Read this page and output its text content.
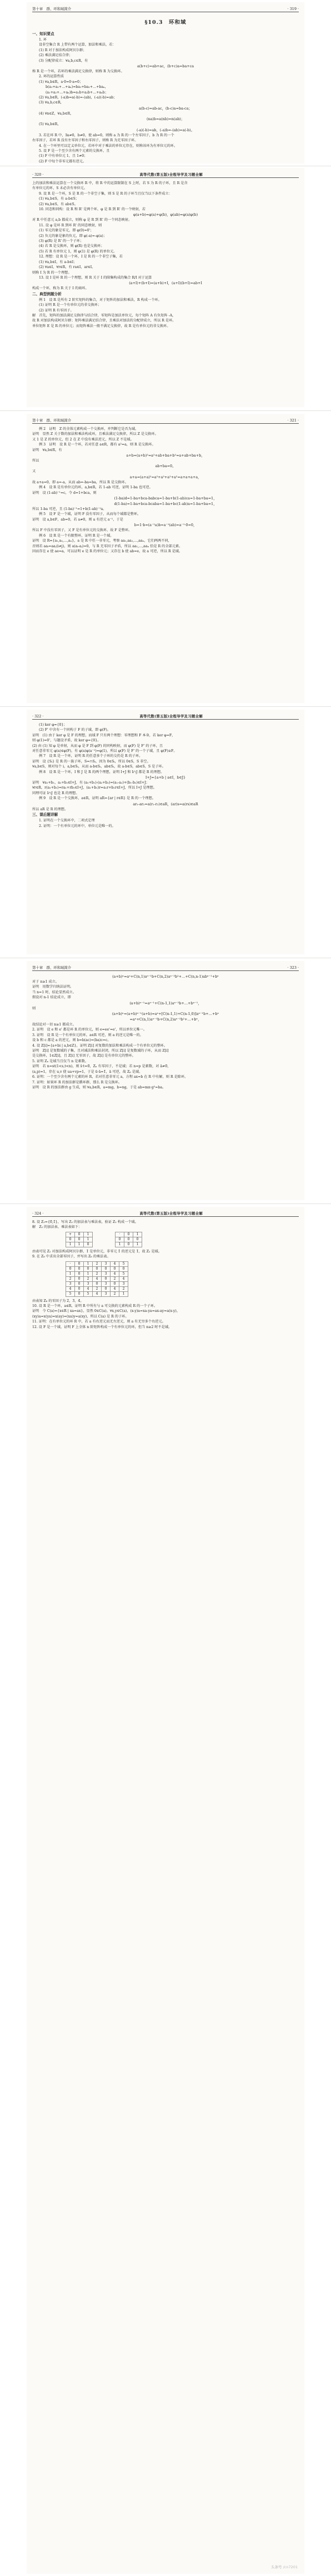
第十章　群、环和域简介	· 319 ·
§10.3　环和域
一、知识要点
1. 环
设非空集合 R 上带有两个运算，加法和乘法，若：
(1) R 对于加法构成阿贝尔群；
(2) 乘法满足结合律；
(3) 分配律成立：∀a,b,c∈R，有
a(b+c)=ab+ac，(b+c)a=ba+ca
称 R 是一个环，若环的乘法满足交换律，则称 R 为交换环。
2. 环的运算性质
(1) ∀a,b∈R，a·0=0·a=0；
b(a₁+a₂+…+aₙ)=ba₁+ba₂+…+baₙ，
(a₁+a₂+…+aₙ)b=a₁b+a₂b+…+aₙb；
(2) ∀a,b∈R，(-a)b=a(-b)=-(ab)，(-a)(-b)=ab；
(3) ∀a,b,c∈R，
a(b-c)=ab-ac，(b-c)a=ba-ca；
(4) ∀n∈Z，∀a,b∈R，
(na)b=a(nb)=n(ab)；
(5) ∀a,b∈R，
(-a)(-b)=ab，(-a)b=-(ab)=a(-b)。
3. 若在环 R 中，∃a≠0，b≠0，使 ab=0，则称 a 为 R 的一个左零因子，b 为 R 的一个
右零因子，若环 R 没有左零因子和右零因子，则称 R 为无零因子环。
4. 在一个环里可以定义单位元，若环中对于乘法的单位元存在，则称该环为有单位元的环。
5. 设 F 是一个至少含有两个元素的交换环，且
(1) F 中有单位元 1，且 1≠0；
(2) F 中每个非零元都有逆元。
· 320 ·	高等代数(第五版)全程导学及习题全解
上的加法和乘法运算在一个交换环 R 中，将 R 中的运算限制在 S 上时，若 S 为 R 的子环，且 R 是含
有单位元的环，S 未必含有单位元。
9. 设 R 是一个环，S 是 R 的一个非空子集，则 S 是 R 的子环当且仅当以下条件成立：
(1) ∀a,b∈S，有 a-b∈S；
(2) ∀a,b∈S，有 ab∈S。
10. 同态和同构：设 R 和 R' 是两个环，φ 是 R 到 R' 的一个映射，若
φ(a+b)=φ(a)+φ(b)，φ(ab)=φ(a)φ(b)
对 R 中任意元 a,b 都成立，则称 φ 是 R 到 R' 的一个同态映射。
11. 设 φ 是环 R 到环 R' 的同态映射，则
(1) 零元的象是零元，即 φ(0)=0'；
(2) 负元的象是象的负元，即 φ(-a)=-φ(a)；
(3) φ(R) 是 R' 的一个子环；
(4) 若 R 是交换环，则 φ(R) 也是交换环；
(5) 若 R 有单位元 1，则 φ(1) 是 φ(R) 的单位元。
12. 理想：设 R 是一个环，I 是 R 的一个非空子集，若
(1) ∀a,b∈I，有 a-b∈I；
(2) ∀a∈I，∀r∈R，有 ra∈I，ar∈I。
则称 I 为 R 的一个理想。
13. 设 I 是环 R 的一个理想，则 R 关于 I 的陪集构成的集合 R/I 对于运算
(a+I)+(b+I)=(a+b)+I，(a+I)(b+I)=ab+I
构成一个环，称为 R 关于 I 的商环。
二、典型例题分析
例 1　设 R 是所有 2 阶实矩阵的集合，对于矩阵的加法和乘法，R 构成一个环。
(1) 证明 R 是一个有单位元的非交换环；
(2) 证明 R 有零因子。
解　首先，矩阵的加法满足交换律与结合律，零矩阵是加法单位元，每个矩阵 A 有负矩阵 -A，
故 R 对加法构成阿贝尔群；矩阵乘法满足结合律，且乘法对加法的分配律成立，所以 R 是环。
单位矩阵 E 是 R 的单位元；而矩阵乘法一般不满足交换律，故 R 是有单位元的非交换环。
第十章　群、环和域简介	· 321 ·
例 2　证明　Z 的全体元素构成一个交换环，并判断它是否为域。
证明　显然 Z 关于数的加法和乘法构成环，且乘法满足交换律，所以 Z 是交换环。
又 1 是 Z 的单位元，但 2 在 Z 中没有乘法逆元，所以 Z 不是域。
例 3　证明　设 R 是一个环，若对任意 a∈R，都有 a²=a，则 R 是交换环。
证明　∀a,b∈R，有
a+b=(a+b)²=a²+ab+ba+b²=a+ab+ba+b，
所以
ab+ba=0。
又
a+a=(a+a)²=a²+a²+a²+a²=a+a+a+a，
故 a+a=0，即 a=-a，从而 ab=-ba=ba，所以 R 是交换环。
例 4　设 R 是有单位元的环，a,b∈R，若 1-ab 可逆，证明 1-ba 也可逆。
证明　设 (1-ab)⁻¹=c，令 d=1+bca，则
(1-ba)d=1-ba+bca-babca=1-ba+b(1-ab)ca=1-ba+ba=1，
d(1-ba)=1-ba+bca-bcaba=1-ba+bc(1-ab)a=1-ba+ba=1，
所以 1-ba 可逆，且 (1-ba)⁻¹=1+b(1-ab)⁻¹a。
例 5　设 F 是一个域，证明 F 没有零因子，从而每个域都是整环。
证明　设 a,b∈F，ab=0，若 a≠0，则 a 有逆元 a⁻¹，于是
b=1·b=(a⁻¹a)b=a⁻¹(ab)=a⁻¹·0=0，
所以 F 中没有零因子，又 F 是有单位元的交换环，故 F 是整环。
例 6　设 R 是一个有限整环，证明 R 是一个域。
证明　设 R={a₁,a₂,…,aₙ}，a 是 R 中任一非零元，考察 aa₁,aa₂,…,aaₙ，它们两两不同，
否则若 aaᵢ=aaⱼ(i≠j)，则 a(aᵢ-aⱼ)=0，与 R 无零因子矛盾，所以 aa₁,…,aaₙ 恰是 R 的全部元素。
因而存在 e 使 ae=a，可以证明 e 是 R 的单位元；又存在 b 使 ab=e，故 a 可逆，所以 R 是域。
· 322 ·	高等代数(第五版)全程导学及习题全解
(1) ker φ={0}；
(2) F' 中含有一个同构于 F 的子域，即 φ(F)。
证明　(1) 由于 ker φ 是 F 的理想，而域 F 只有两个理想：零理想和 F 本身，若 ker φ=F，
则 φ(1)=0'，与题设矛盾，故 ker φ={0}。
(2) 由 (1) 知 φ 是单射，从而 φ 是 F 到 φ(F) 的同构映射，而 φ(F) 是 F' 的子环，且
对任意非零元 φ(a)∈φ(F)，有 φ(a)φ(a⁻¹)=φ(1)，所以 φ(F) 是 F' 的一个子域，且 φ(F)≅F。
例 7　设 R 是一个环，证明 R 的任意多个子环的交仍是 R 的子环。
证明　设 {Sᵢ} 是 R 的一族子环，S=∩Sᵢ，因为 0∈Sᵢ，所以 0∈S，S 非空。
∀a,b∈S，则对每个 i，a,b∈Sᵢ，从而 a-b∈Sᵢ，ab∈Sᵢ，故 a-b∈S，ab∈S，S 是子环。
例 8　设 R 是一个环，I 和 J 是 R 的两个理想，证明 I+J 和 I∩J 都是 R 的理想。
I+J={a+b | a∈I，b∈J}
证明　∀a₁+b₁，a₂+b₂∈I+J，有 (a₁+b₁)-(a₂+b₂)=(a₁-a₂)+(b₁-b₂)∈I+J；
∀r∈R，r(a₁+b₁)=ra₁+rb₁∈I+J，(a₁+b₁)r=a₁r+b₁r∈I+J，所以 I+J 是理想。
同理可证 I∩J 也是 R 的理想。
例 9　设 R 是一个交换环，a∈R，证明 aR={ar | r∈R} 是 R 的一个理想。
ar₁-ar₂=a(r₁-r₂)∈aR，(ar)s=a(rs)∈aR
所以 aR 是 R 的理想。
三、课后题详解
1. 证明在一个交换环中，二项式定理
2. 证明：一个有单位元的环中，单位元是唯一的。
第十章　群、环和域简介	· 323 ·
(a+b)ⁿ=aⁿ+C(n,1)aⁿ⁻¹b+C(n,2)aⁿ⁻²b²+…+C(n,n-1)abⁿ⁻¹+bⁿ
对于 n≥1 成立。
证明　用数学归纳法证明。
当 n=1 时，结论显然成立。
假设对 n-1 结论成立，即
(a+b)ⁿ⁻¹=aⁿ⁻¹+C(n-1,1)aⁿ⁻²b+…+bⁿ⁻¹，
则
(a+b)ⁿ=(a+b)ⁿ⁻¹(a+b)=aⁿ+[C(n-1,1)+C(n-1,0)]aⁿ⁻¹b+…+bⁿ
=aⁿ+C(n,1)aⁿ⁻¹b+C(n,2)aⁿ⁻²b²+…+bⁿ，
故结论对一切 n≥1 都成立。
2. 证明　设 e 和 e' 都是环 R 的单位元，则 e=ee'=e'，所以单位元唯一。
3. 证明　设 R 是一个有单位元的环，a∈R 可逆，则 a 的逆元是唯一的。
设 b 和 c 都是 a 的逆元，则 b=b(ac)=(ba)c=c。
4. 设 Z[i]={a+bi | a,b∈Z}，证明 Z[i] 对复数的加法和乘法构成一个有单位元的整环。
证明　Z[i] 是复数域的子集，且对减法和乘法封闭，所以 Z[i] 是复数域的子环，从而 Z[i]
是交换环，1∈Z[i]，且 Z[i] 无零因子，故 Z[i] 是有单位元的整环。
5. 证明 Zₙ 是域当且仅当 n 是素数。
证明　若 n=st(1<s,t<n)，则 s̄·t̄=0̄，Zₙ 有零因子，不是域；若 n=p 是素数，对 ā≠0̄，
(a,p)=1，存在 u,v 使 ua+vp=1，于是 ū·ā=1̄，ā 可逆，故 Zₚ 是域。
6. 证明：一个至少含有两个元素的环 R，若对任意非零元 a，方程 ax=b 在 R 中有解，则 R 是除环。
7. 证明：如果环 R 的加法群是循环群，那么 R 是交换环。
证明　设 R 的加法群由 g 生成，则 ∀a,b∈R，a=mg，b=ng，于是 ab=mn·g²=ba。
· 324 ·	高等代数(第五版)全程导学及习题全解
8. 设 Z₂={0̄,1̄}，写出 Z₂ 的加法表与乘法表，验证 Z₂ 构成一个域。
解　Z₂ 的加法表、乘法表如下：
+	0	1
0	0	1
1	1	0
·	0	1
0	0	0
1	0	1
由表可见 Z₂ 对加法构成阿贝尔群，1̄ 是单位元，非零元 1̄ 的逆元是 1̄，故 Z₂ 是域。
9. 在 Z₆ 中求出全部零因子，并写出 Z₆ 的乘法表。
·	0	1	2	3	4	5
0	0	0	0	0	0	0
1	0	1	2	3	4	5
2	0	2	4	0	2	4
3	0	3	0	3	0	3
4	0	4	2	0	4	2
5	0	5	4	3	2	1
由表知 Z₆ 的零因子为 2̄，3̄，4̄。
10. 设 R 是一个环，a∈R，证明 R 中所有与 a 可交换的元素构成 R 的一个子环。
证明　令 C(a)={x∈R | xa=ax}，显然 0∈C(a)。∀x,y∈C(a)，(x-y)a=xa-ya=ax-ay=a(x-y)，
(xy)a=x(ya)=x(ay)=(xa)y=a(xy)，所以 C(a) 是 R 的子环。
11. 证明：在有单位元的环 R 中，若 a 有右逆元而无左逆元，则 a 有无穷多个右逆元。
12. 设 F 是一个域，证明 F 上全体 n 阶矩阵构成一个有单位元的环，但当 n≥2 时不是域。
头条号 /cn7201
